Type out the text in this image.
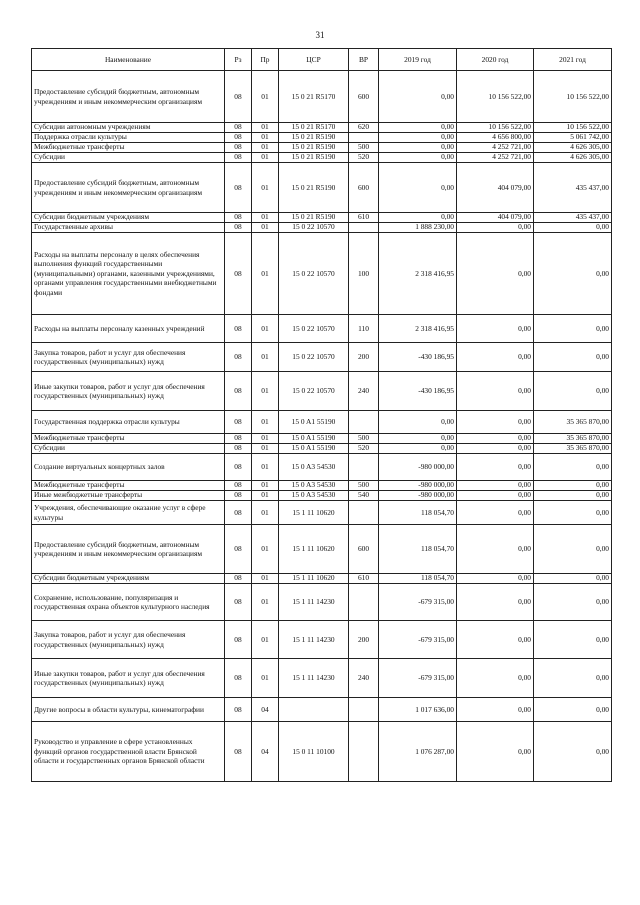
31
Наименование	Рз	Пр	ЦСР	ВР	2019 год	2020 год	2021 год
Предоставление субсидий бюджетным, автономным учреждениям и иным некоммерческим организациям	08	01	15 0 21 R5170	600	0,00	10 156 522,00	10 156 522,00
Субсидии автономным учреждениям	08	01	15 0 21 R5170	620	0,00	10 156 522,00	10 156 522,00
Поддержка отрасли культуры	08	01	15 0 21 R5190		0,00	4 656 800,00	5 061 742,00
Межбюджетные трансферты	08	01	15 0 21 R5190	500	0,00	4 252 721,00	4 626 305,00
Субсидии	08	01	15 0 21 R5190	520	0,00	4 252 721,00	4 626 305,00
Предоставление субсидий бюджетным, автономным учреждениям и иным некоммерческим организациям	08	01	15 0 21 R5190	600	0,00	404 079,00	435 437,00
Субсидии бюджетным учреждениям	08	01	15 0 21 R5190	610	0,00	404 079,00	435 437,00
Государственные архивы	08	01	15 0 22 10570		1 888 230,00	0,00	0,00
Расходы на выплаты персоналу в целях обеспечения выполнения функций государственными (муниципальными) органами, казенными учреждениями, органами управления государственными внебюджетными фондами	08	01	15 0 22 10570	100	2 318 416,95	0,00	0,00
Расходы на выплаты персоналу казенных учреждений	08	01	15 0 22 10570	110	2 318 416,95	0,00	0,00
Закупка товаров, работ и услуг для обеспечения государственных (муниципальных) нужд	08	01	15 0 22 10570	200	-430 186,95	0,00	0,00
Иные закупки товаров, работ и услуг для обеспечения государственных (муниципальных) нужд	08	01	15 0 22 10570	240	-430 186,95	0,00	0,00
Государственная поддержка отрасли культуры	08	01	15 0 A1 55190		0,00	0,00	35 365 870,00
Межбюджетные трансферты	08	01	15 0 A1 55190	500	0,00	0,00	35 365 870,00
Субсидии	08	01	15 0 A1 55190	520	0,00	0,00	35 365 870,00
Создание виртуальных концертных залов	08	01	15 0 A3 54530		-980 000,00	0,00	0,00
Межбюджетные трансферты	08	01	15 0 A3 54530	500	-980 000,00	0,00	0,00
Иные межбюджетные трансферты	08	01	15 0 A3 54530	540	-980 000,00	0,00	0,00
Учреждения, обеспечивающие оказание услуг в сфере культуры	08	01	15 1 11 10620		118 054,70	0,00	0,00
Предоставление субсидий бюджетным, автономным учреждениям и иным некоммерческим организациям	08	01	15 1 11 10620	600	118 054,70	0,00	0,00
Субсидии бюджетным учреждениям	08	01	15 1 11 10620	610	118 054,70	0,00	0,00
Сохранение, использование, популяризация и государственная охрана объектов культурного наследия	08	01	15 1 11 14230		-679 315,00	0,00	0,00
Закупка товаров, работ и услуг для обеспечения государственных (муниципальных) нужд	08	01	15 1 11 14230	200	-679 315,00	0,00	0,00
Иные закупки товаров, работ и услуг для обеспечения государственных (муниципальных) нужд	08	01	15 1 11 14230	240	-679 315,00	0,00	0,00
Другие вопросы в области культуры, кинематографии	08	04			1 017 636,00	0,00	0,00
Руководство и управление в сфере установленных функций органов государственной власти Брянской области и государственных органов Брянской области	08	04	15 0 11 10100		1 076 287,00	0,00	0,00
